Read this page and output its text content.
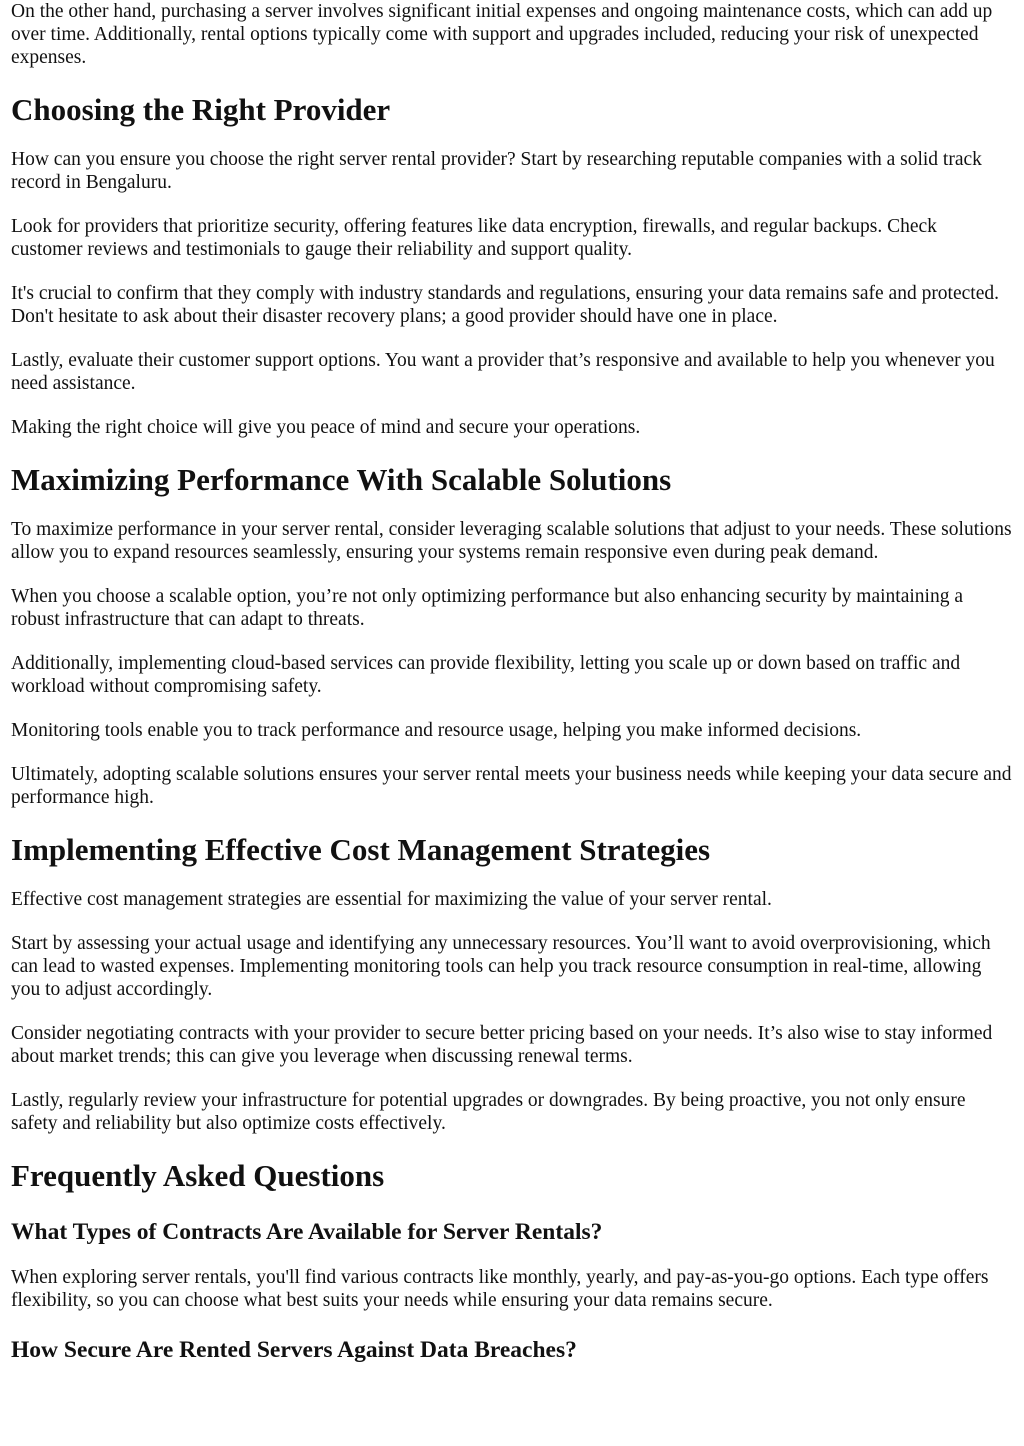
On the other hand, purchasing a server involves significant initial expenses and ongoing maintenance costs, which can add up over time. Additionally, rental options typically come with support and upgrades included, reducing your risk of unexpected expenses.

Choosing the Right Provider

How can you ensure you choose the right server rental provider? Start by researching reputable companies with a solid track record in Bengaluru.

Look for providers that prioritize security, offering features like data encryption, firewalls, and regular backups. Check customer reviews and testimonials to gauge their reliability and support quality.

It's crucial to confirm that they comply with industry standards and regulations, ensuring your data remains safe and protected. Don't hesitate to ask about their disaster recovery plans; a good provider should have one in place.

Lastly, evaluate their customer support options. You want a provider that’s responsive and available to help you whenever you need assistance.

Making the right choice will give you peace of mind and secure your operations.

Maximizing Performance With Scalable Solutions

To maximize performance in your server rental, consider leveraging scalable solutions that adjust to your needs. These solutions allow you to expand resources seamlessly, ensuring your systems remain responsive even during peak demand.

When you choose a scalable option, you’re not only optimizing performance but also enhancing security by maintaining a robust infrastructure that can adapt to threats.

Additionally, implementing cloud-based services can provide flexibility, letting you scale up or down based on traffic and workload without compromising safety.

Monitoring tools enable you to track performance and resource usage, helping you make informed decisions.

Ultimately, adopting scalable solutions ensures your server rental meets your business needs while keeping your data secure and performance high.

Implementing Effective Cost Management Strategies

Effective cost management strategies are essential for maximizing the value of your server rental.

Start by assessing your actual usage and identifying any unnecessary resources. You’ll want to avoid overprovisioning, which can lead to wasted expenses. Implementing monitoring tools can help you track resource consumption in real-time, allowing you to adjust accordingly.

Consider negotiating contracts with your provider to secure better pricing based on your needs. It’s also wise to stay informed about market trends; this can give you leverage when discussing renewal terms.

Lastly, regularly review your infrastructure for potential upgrades or downgrades. By being proactive, you not only ensure safety and reliability but also optimize costs effectively.

Frequently Asked Questions
What Types of Contracts Are Available for Server Rentals?

When exploring server rentals, you'll find various contracts like monthly, yearly, and pay-as-you-go options. Each type offers flexibility, so you can choose what best suits your needs while ensuring your data remains secure.

How Secure Are Rented Servers Against Data Breaches?
